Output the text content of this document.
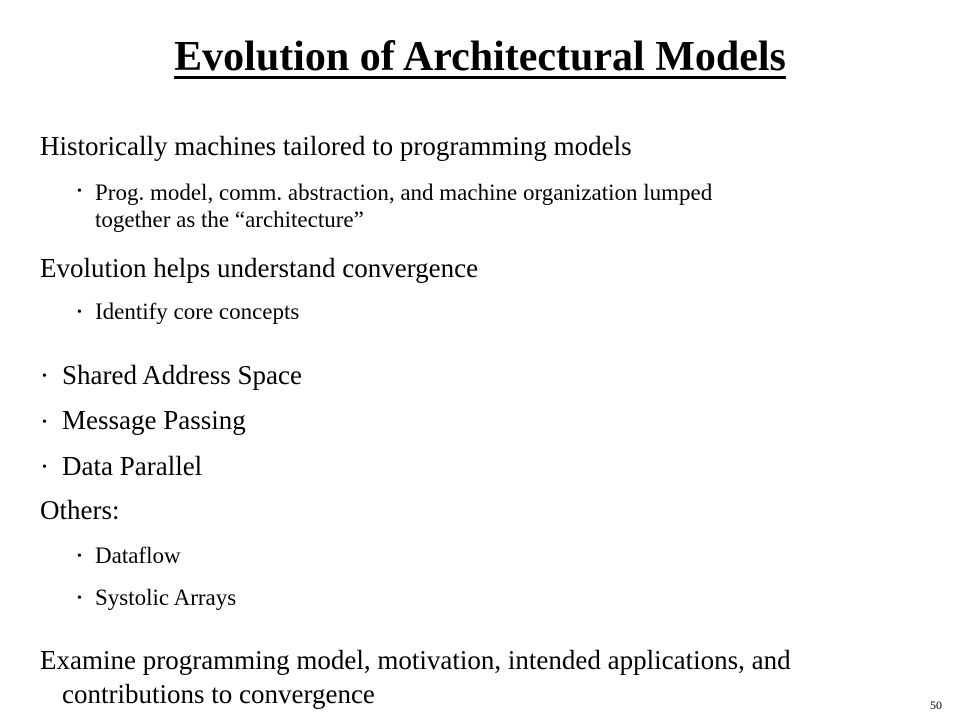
Evolution of Architectural Models

Historically machines tailored to programming models

• Prog. model, comm. abstraction, and machine organization lumped
together as the “architecture”

Evolution helps understand convergence

• Identify core concepts

• Shared Address Space

• Message Passing

• Data Parallel

Others:

• Dataflow

• Systolic Arrays

Examine programming model, motivation, intended applications, and
contributions to convergence	50
